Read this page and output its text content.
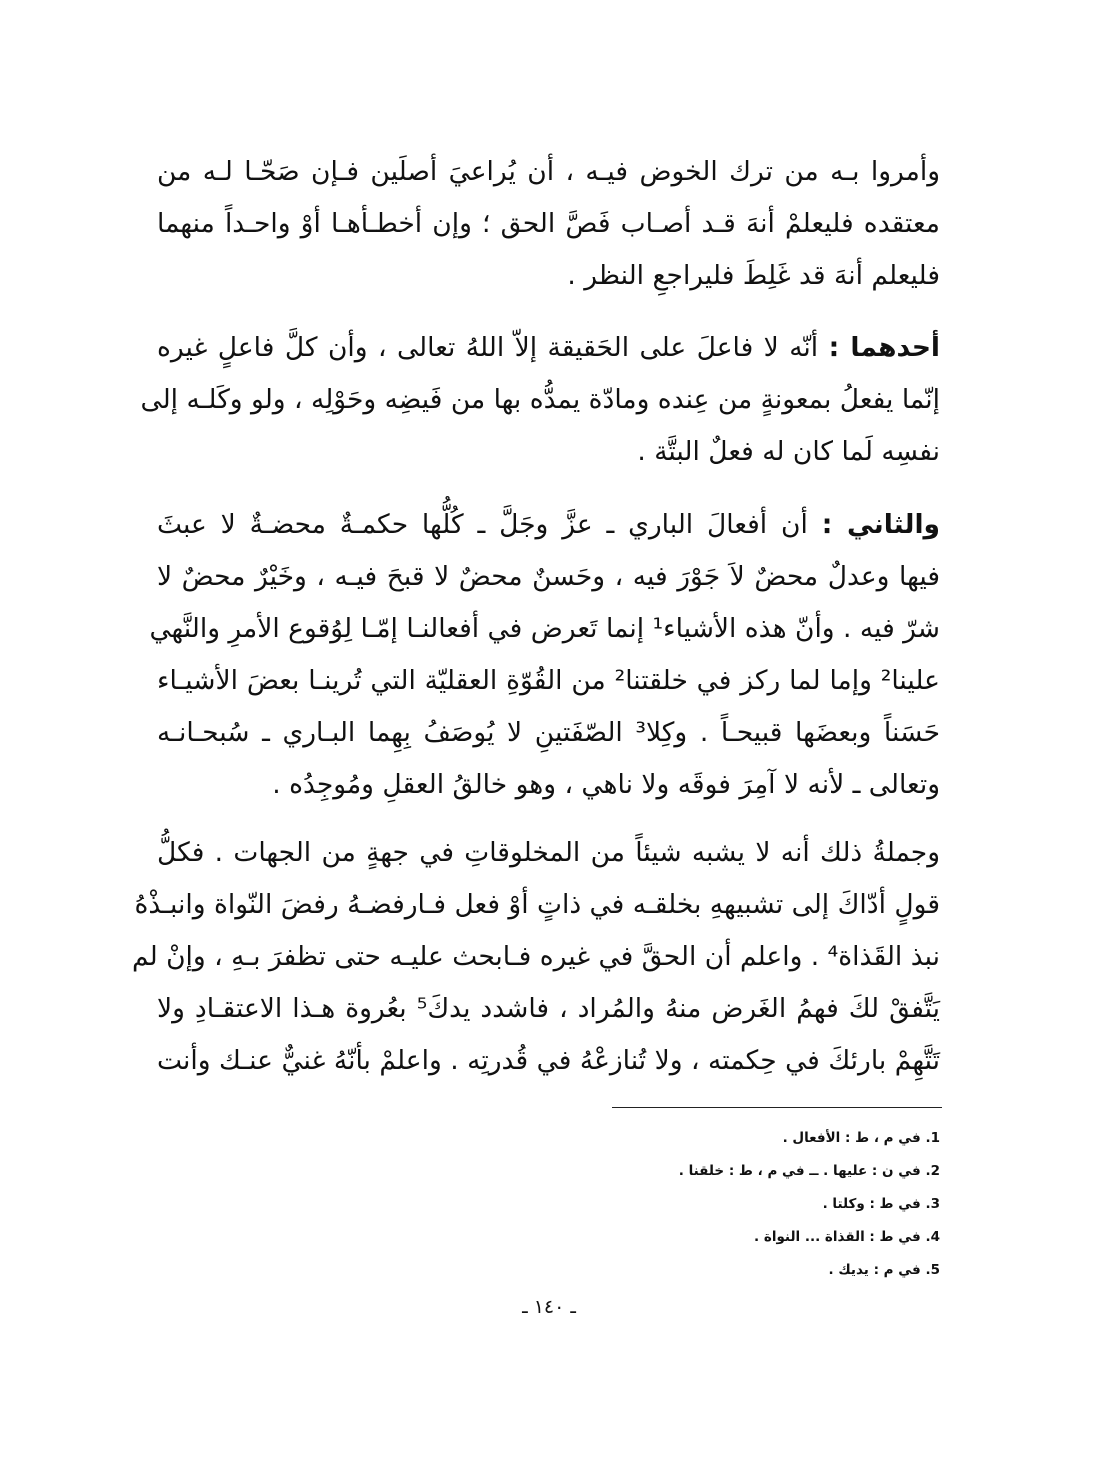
وأمروا بـه من ترك الخوض فيـه ، أن يُراعيَ أصلَين فـإن صَحّـا لـه من
معتقده فليعلمْ أنهَ قـد أصـاب فَصَّ الحق ؛ وإن أخطـأهـا أوْ واحـداً منهما
فليعلم أنهَ قد غَلِطَ فليراجعِ النظر .
أحدهما : أنّه لا فاعلَ على الحَقيقة إلاّ اللهُ تعالى ، وأن كلَّ فاعلٍ غيره
إنّما يفعلُ بمعونةٍ من عِنده ومادّة يمدُّه بها من فَيضِه وحَوْلِه ، ولو وكَلـه إلى
نفسِه لَما كان له فعلٌ البتَّة .
والثاني : أن أفعالَ الباري ـ عزَّ وجَلَّ ـ كُلُّها حكمـةٌ محضـةٌ لا عبثَ
فيها وعدلٌ محضٌ لاَ جَوْرَ فيه ، وحَسنٌ محضٌ لا قبحَ فيـه ، وخَيْرٌ محضٌ لا
شرّ فيه . وأنّ هذه الأشياء¹ إنما تَعرض في أفعالنـا إمّـا لِوُقوع الأمرِ والنَّهي
علينا² وإما لما ركز في خلقتنا² من القُوّةِ العقليّة التي تُرينـا بعضَ الأشيـاء
حَسَناً وبعضَها قبيحـاً . وكِلا³ الصّفَتينِ لا يُوصَفُ بِهِما البـاري ـ سُبحـانـه
وتعالى ـ لأنه لا آمِرَ فوقَه ولا ناهي ، وهو خالقُ العقلِ ومُوجِدُه .
وجملةُ ذلك أنه لا يشبه شيئاً من المخلوقاتِ في جهةٍ من الجهات . فكلُّ
قولٍ أدّاكَ إلى تشبيههِ بخلقـه في ذاتٍ أوْ فعل فـارفضـهُ رفضَ النّواة وانبـذْهُ
نبذ القَذاة⁴ . واعلم أن الحقَّ في غيره فـابحث عليـه حتى تظفرَ بـهِ ، وإنْ لم
يَتَّفقْ لكَ فهمُ الغَرض منهُ والمُراد ، فاشدد يدكَ⁵ بعُروة هـذا الاعتقـادِ ولا
تَتَّهِمْ بارئكَ في حِكمته ، ولا تُنازعْهُ في قُدرتِه . واعلمْ بأنّهُ غنيٌّ عنـك وأنت
1. في م ، ط : الأفعال .
2. في ن : عليها . ــ في م ، ط : خلقنا .
3. في ط : وكلتا .
4. في ط : القذاة ... النواة .
5. في م : يديك .
ـ ١٤٠ ـ
